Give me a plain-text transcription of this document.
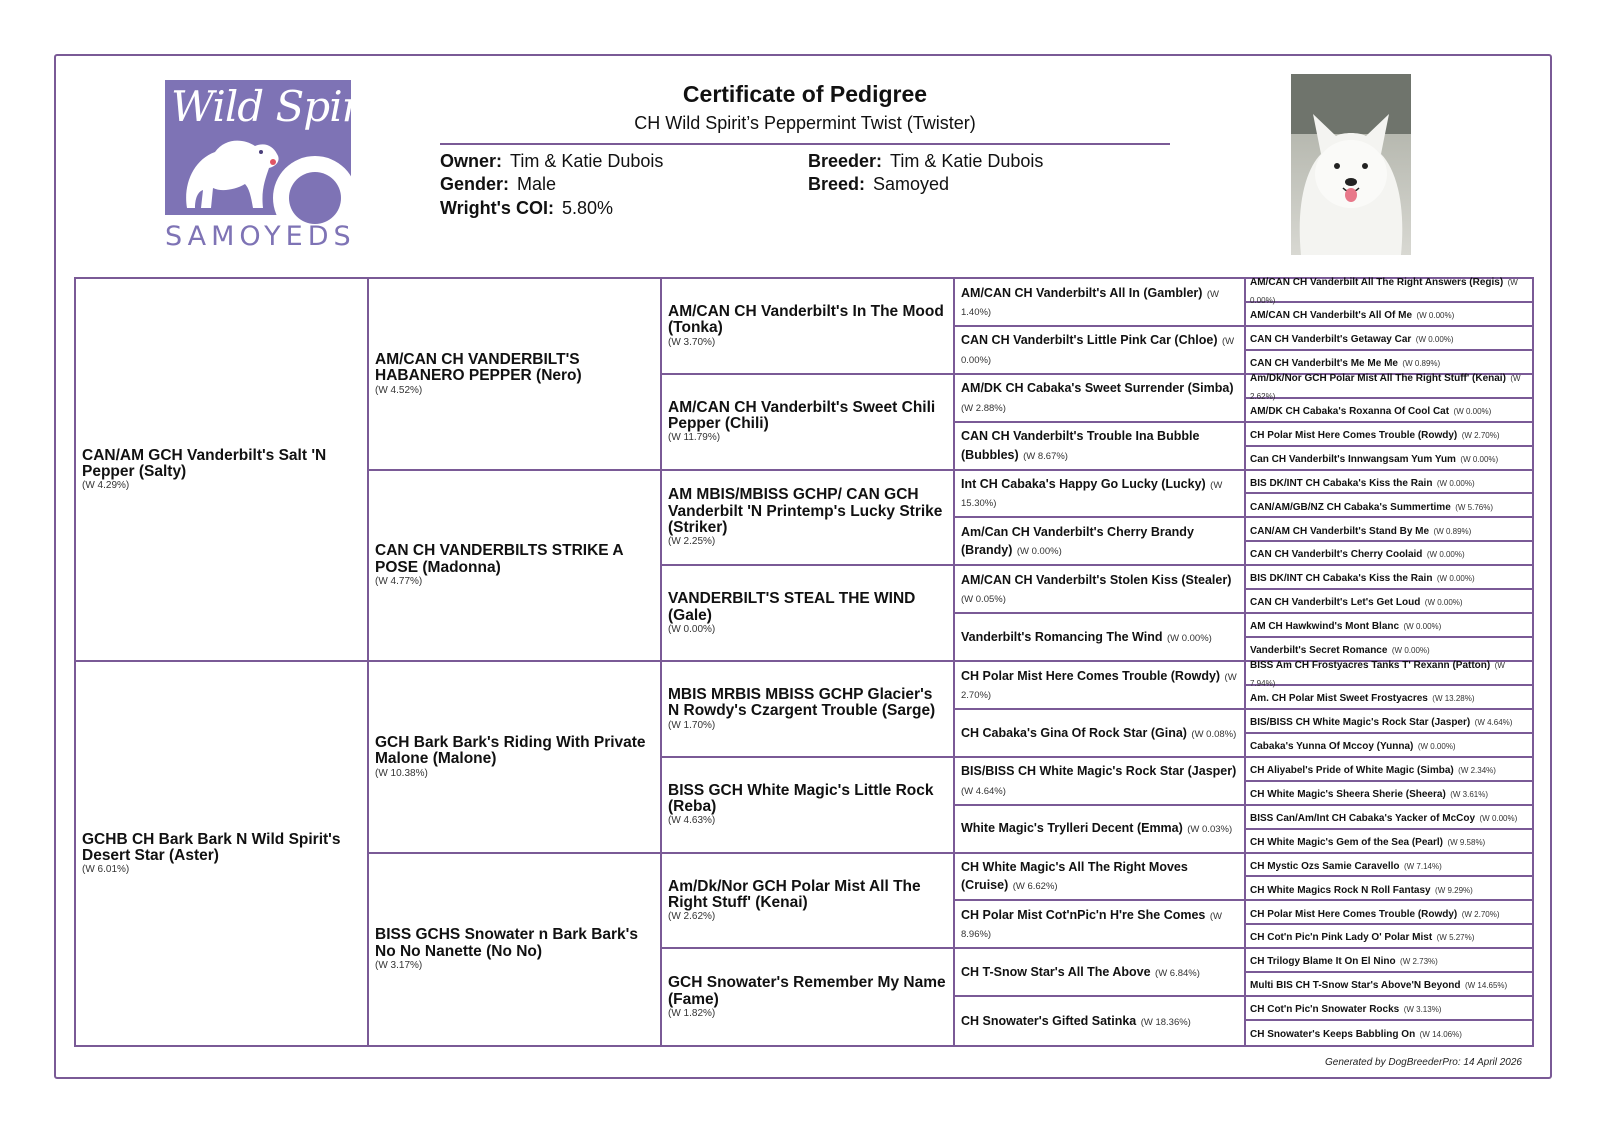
Wild Spirit
SAMOYEDS
Certificate of Pedigree
CH Wild Spirit’s Peppermint Twist (Twister)
Owner: Tim & Katie Dubois
Gender: Male
Wright's COI: 5.80%
Breeder: Tim & Katie Dubois
Breed: Samoyed
CAN/AM GCH Vanderbilt's Salt 'N Pepper (Salty)
(W 4.29%)
GCHB CH Bark Bark N Wild Spirit's Desert Star (Aster)
(W 6.01%)
AM/CAN CH VANDERBILT'S HABANERO PEPPER (Nero)
(W 4.52%)
CAN CH VANDERBILTS STRIKE A POSE (Madonna)
(W 4.77%)
GCH Bark Bark's Riding With Private Malone (Malone)
(W 10.38%)
BISS GCHS Snowater n Bark Bark's No No Nanette (No No)
(W 3.17%)
AM/CAN CH Vanderbilt's In The Mood (Tonka)
(W 3.70%)
AM/CAN CH Vanderbilt's Sweet Chili Pepper (Chili)
(W 11.79%)
AM MBIS/MBISS GCHP/ CAN GCH Vanderbilt 'N Printemp's Lucky Strike (Striker)
(W 2.25%)
VANDERBILT'S STEAL THE WIND (Gale)
(W 0.00%)
MBIS MRBIS MBISS GCHP Glacier's N Rowdy's Czargent Trouble (Sarge)
(W 1.70%)
BISS GCH White Magic's Little Rock (Reba)
(W 4.63%)
Am/Dk/Nor GCH Polar Mist All The Right Stuff' (Kenai)
(W 2.62%)
GCH Snowater's Remember My Name (Fame)
(W 1.82%)
AM/CAN CH Vanderbilt's All In (Gambler) (W 1.40%)
CAN CH Vanderbilt's Little Pink Car (Chloe) (W 0.00%)
AM/DK CH Cabaka's Sweet Surrender (Simba) (W 2.88%)
CAN CH Vanderbilt's Trouble Ina Bubble (Bubbles) (W 8.67%)
Int CH Cabaka's Happy Go Lucky (Lucky) (W 15.30%)
Am/Can CH Vanderbilt's Cherry Brandy (Brandy) (W 0.00%)
AM/CAN CH Vanderbilt's Stolen Kiss (Stealer) (W 0.05%)
Vanderbilt's Romancing The Wind (W 0.00%)
CH Polar Mist Here Comes Trouble (Rowdy) (W 2.70%)
CH Cabaka's Gina Of Rock Star (Gina) (W 0.08%)
BIS/BISS CH White Magic's Rock Star (Jasper) (W 4.64%)
White Magic's Trylleri Decent (Emma) (W 0.03%)
CH White Magic's All The Right Moves (Cruise) (W 6.62%)
CH Polar Mist Cot'nPic'n H're She Comes (W 8.96%)
CH T-Snow Star's All The Above (W 6.84%)
CH Snowater's Gifted Satinka (W 18.36%)
AM/CAN CH Vanderbilt All The Right Answers (Regis) (W 0.00%)
AM/CAN CH Vanderbilt's All Of Me (W 0.00%)
CAN CH Vanderbilt's Getaway Car (W 0.00%)
CAN CH Vanderbilt's Me Me Me (W 0.89%)
Am/Dk/Nor GCH Polar Mist All The Right Stuff' (Kenai) (W 2.62%)
AM/DK CH Cabaka's Roxanna Of Cool Cat (W 0.00%)
CH Polar Mist Here Comes Trouble (Rowdy) (W 2.70%)
Can CH Vanderbilt's Innwangsam Yum Yum (W 0.00%)
BIS DK/INT CH Cabaka's Kiss the Rain (W 0.00%)
CAN/AM/GB/NZ CH Cabaka's Summertime (W 5.76%)
CAN/AM CH Vanderbilt's Stand By Me (W 0.89%)
CAN CH Vanderbilt's Cherry Coolaid (W 0.00%)
BIS DK/INT CH Cabaka's Kiss the Rain (W 0.00%)
CAN CH Vanderbilt's Let's Get Loud (W 0.00%)
AM CH Hawkwind's Mont Blanc (W 0.00%)
Vanderbilt's Secret Romance (W 0.00%)
BISS Am CH Frostyacres Tanks T' Rexann (Patton) (W 7.94%)
Am. CH Polar Mist Sweet Frostyacres (W 13.28%)
BIS/BISS CH White Magic's Rock Star (Jasper) (W 4.64%)
Cabaka's Yunna Of Mccoy (Yunna) (W 0.00%)
CH Aliyabel's Pride of White Magic (Simba) (W 2.34%)
CH White Magic's Sheera Sherie (Sheera) (W 3.61%)
BISS Can/Am/Int CH Cabaka's Yacker of McCoy (W 0.00%)
CH White Magic's Gem of the Sea (Pearl) (W 9.58%)
CH Mystic Ozs Samie Caravello (W 7.14%)
CH White Magics Rock N Roll Fantasy (W 9.29%)
CH Polar Mist Here Comes Trouble (Rowdy) (W 2.70%)
CH Cot'n Pic'n Pink Lady O' Polar Mist (W 5.27%)
CH Trilogy Blame It On El Nino (W 2.73%)
Multi BIS CH T-Snow Star's Above'N Beyond (W 14.65%)
CH Cot'n Pic'n Snowater Rocks (W 3.13%)
CH Snowater's Keeps Babbling On (W 14.06%)
Generated by DogBreederPro: 14 April 2026
